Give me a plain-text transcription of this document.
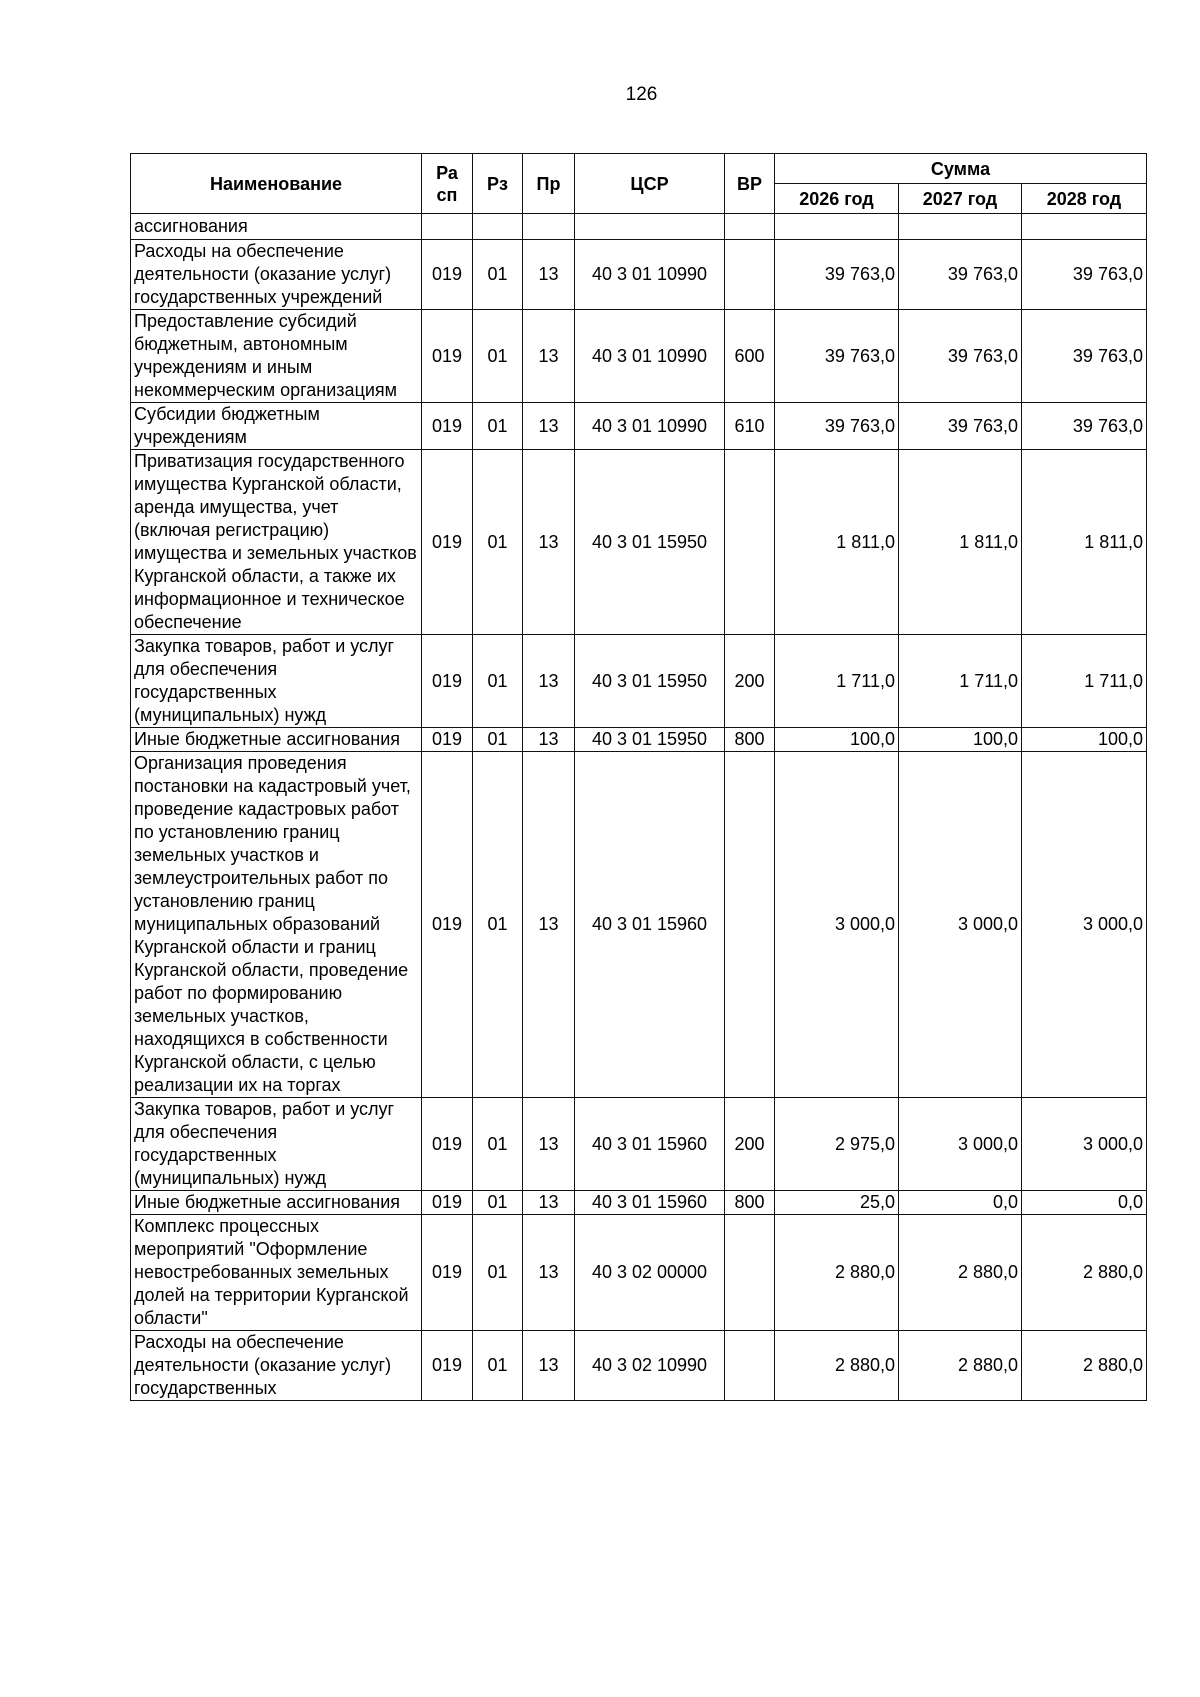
126
Наименование	Ра сп	Рз	Пр	ЦСР	ВР	Сумма		
						2026 год	2027 год	2028 год
ассигнования								
Расходы на обеспечение деятельности (оказание услуг) государственных учреждений	019	01	13	40 3 01 10990		39 763,0	39 763,0	39 763,0
Предоставление субсидий бюджетным, автономным учреждениям и иным некоммерческим организациям	019	01	13	40 3 01 10990	600	39 763,0	39 763,0	39 763,0
Субсидии бюджетным учреждениям	019	01	13	40 3 01 10990	610	39 763,0	39 763,0	39 763,0
Приватизация государственного имущества Курганской области, аренда имущества, учет (включая регистрацию) имущества и земельных участков Курганской области, а также их информационное и техническое обеспечение	019	01	13	40 3 01 15950		1 811,0	1 811,0	1 811,0
Закупка товаров, работ и услуг для обеспечения государственных (муниципальных) нужд	019	01	13	40 3 01 15950	200	1 711,0	1 711,0	1 711,0
Иные бюджетные ассигнования	019	01	13	40 3 01 15950	800	100,0	100,0	100,0
Организация проведения постановки на кадастровый учет, проведение кадастровых работ по установлению границ земельных участков и землеустроительных работ по установлению границ муниципальных образований Курганской области и границ Курганской области, проведение работ по формированию земельных участков, находящихся в собственности Курганской области, с целью реализации их на торгах	019	01	13	40 3 01 15960		3 000,0	3 000,0	3 000,0
Закупка товаров, работ и услуг для обеспечения государственных (муниципальных) нужд	019	01	13	40 3 01 15960	200	2 975,0	3 000,0	3 000,0
Иные бюджетные ассигнования	019	01	13	40 3 01 15960	800	25,0	0,0	0,0
Комплекс процессных мероприятий "Оформление невостребованных земельных долей на территории Курганской области"	019	01	13	40 3 02 00000		2 880,0	2 880,0	2 880,0
Расходы на обеспечение деятельности (оказание услуг) государственных	019	01	13	40 3 02 10990		2 880,0	2 880,0	2 880,0
